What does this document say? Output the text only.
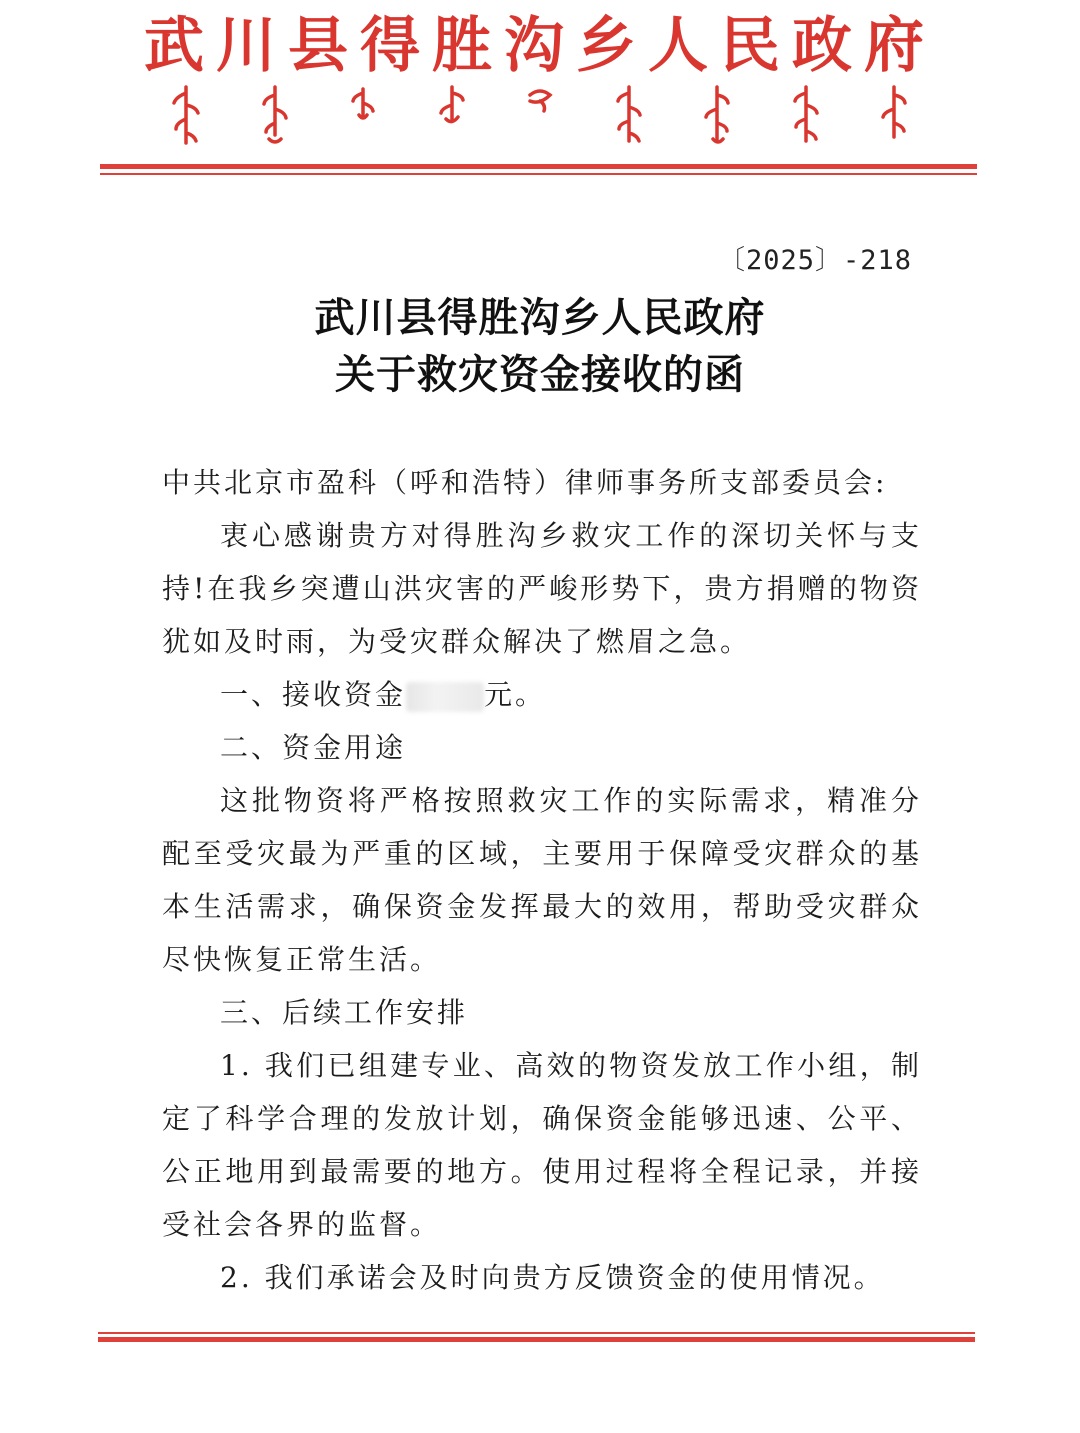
武川县得胜沟乡人民政府
〔2025〕-218
武川县得胜沟乡人民政府
关于救灾资金接收的函

中共北京市盈科（呼和浩特）律师事务所支部委员会:

衷心感谢贵方对得胜沟乡救灾工作的深切关怀与支持!在我乡突遭山洪灾害的严峻形势下，贵方捐赠的物资犹如及时雨，为受灾群众解决了燃眉之急。

一、接收资金	元。

二、资金用途

这批物资将严格按照救灾工作的实际需求，精准分配至受灾最为严重的区域，主要用于保障受灾群众的基本生活需求，确保资金发挥最大的效用，帮助受灾群众尽快恢复正常生活。

三、后续工作安排

1. 我们已组建专业、高效的物资发放工作小组，制定了科学合理的发放计划，确保资金能够迅速、公平、公正地用到最需要的地方。使用过程将全程记录，并接受社会各界的监督。

2. 我们承诺会及时向贵方反馈资金的使用情况。
